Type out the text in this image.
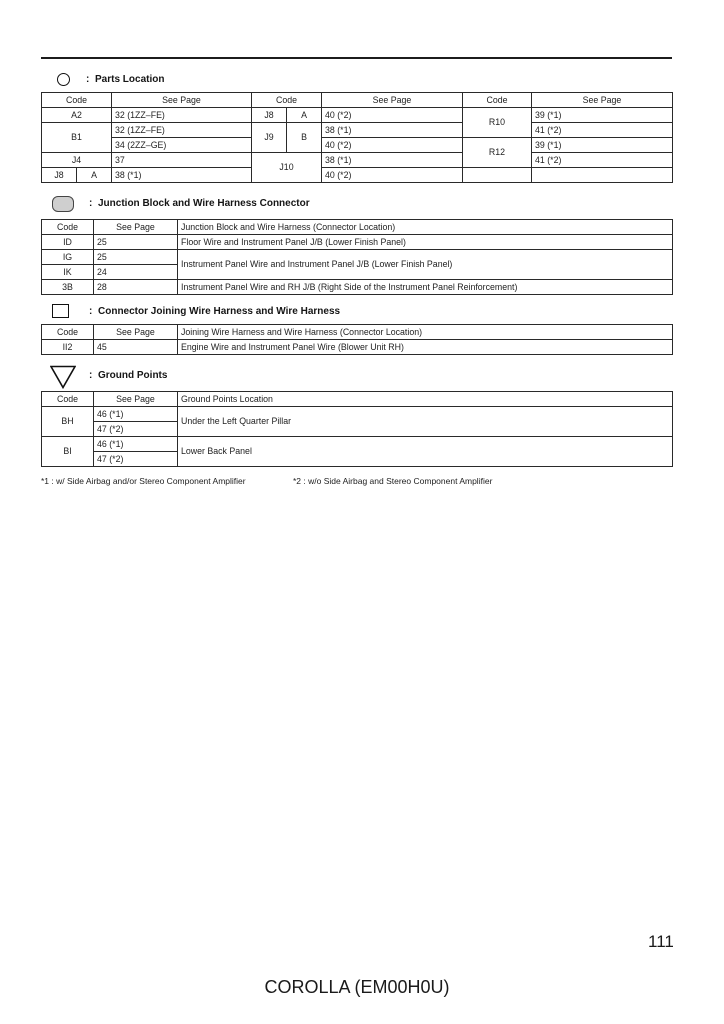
: Parts Location
Code		See Page	Code		See Page	Code	See Page
A2		32 (1ZZ–FE)	J8	A	40 (*2)	R10	39 (*1)
B1		32 (1ZZ–FE)	J9	B	38 (*1)		41 (*2)
		34 (2ZZ–GE)			40 (*2)	R12	39 (*1)
J4		37	J10		38 (*1)		41 (*2)
J8	A	38 (*1)			40 (*2)		
: Junction Block and Wire Harness Connector
Code	See Page	Junction Block and Wire Harness (Connector Location)
ID	25	Floor Wire and Instrument Panel J/B (Lower Finish Panel)
IG	25	Instrument Panel Wire and Instrument Panel J/B (Lower Finish Panel)
IK	24	
3B	28	Instrument Panel Wire and RH J/B (Right Side of the Instrument Panel Reinforcement)
: Connector Joining Wire Harness and Wire Harness
Code	See Page	Joining Wire Harness and Wire Harness (Connector Location)
II2	45	Engine Wire and Instrument Panel Wire (Blower Unit RH)
: Ground Points
Code	See Page	Ground Points Location
BH	46 (*1)	Under the Left Quarter Pillar
	47 (*2)	
BI	46 (*1)	Lower Back Panel
	47 (*2)	
*1 : w/ Side Airbag and/or Stereo Component Amplifier	*2 : w/o Side Airbag and Stereo Component Amplifier
111
COROLLA (EM00H0U)
